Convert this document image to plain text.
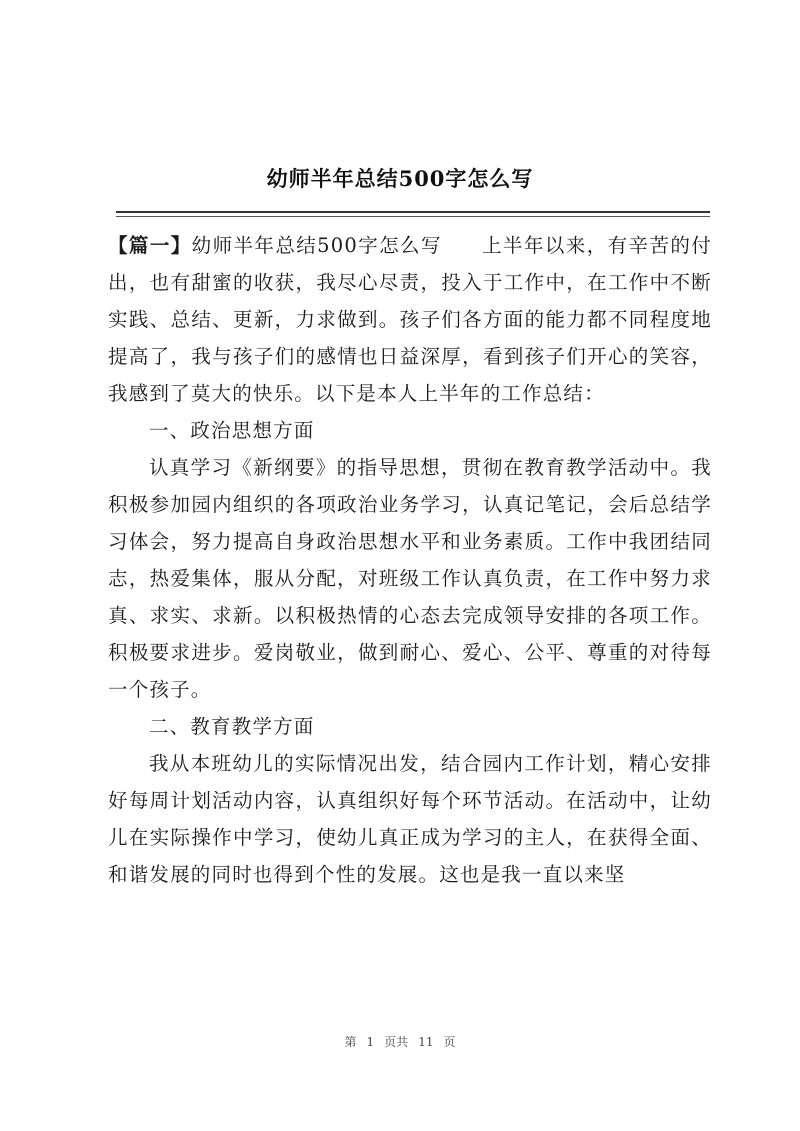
幼师半年总结500字怎么写

【篇一】幼师半年总结500字怎么写 上半年以来，有辛苦的付出，也有甜蜜的收获，我尽心尽责，投入于工作中，在工作中不断实践、总结、更新，力求做到。孩子们各方面的能力都不同程度地提高了，我与孩子们的感情也日益深厚，看到孩子们开心的笑容，我感到了莫大的快乐。以下是本人上半年的工作总结：

一、政治思想方面

认真学习《新纲要》的指导思想，贯彻在教育教学活动中。我积极参加园内组织的各项政治业务学习，认真记笔记，会后总结学习体会，努力提高自身政治思想水平和业务素质。工作中我团结同志，热爱集体，服从分配，对班级工作认真负责，在工作中努力求真、求实、求新。以积极热情的心态去完成领导安排的各项工作。积极要求进步。爱岗敬业，做到耐心、爱心、公平、尊重的对待每一个孩子。

二、教育教学方面

我从本班幼儿的实际情况出发，结合园内工作计划，精心安排好每周计划活动内容，认真组织好每个环节活动。在活动中，让幼儿在实际操作中学习，使幼儿真正成为学习的主人，在获得全面、和谐发展的同时也得到个性的发展。这也是我一直以来坚

第 1 页共 11 页
